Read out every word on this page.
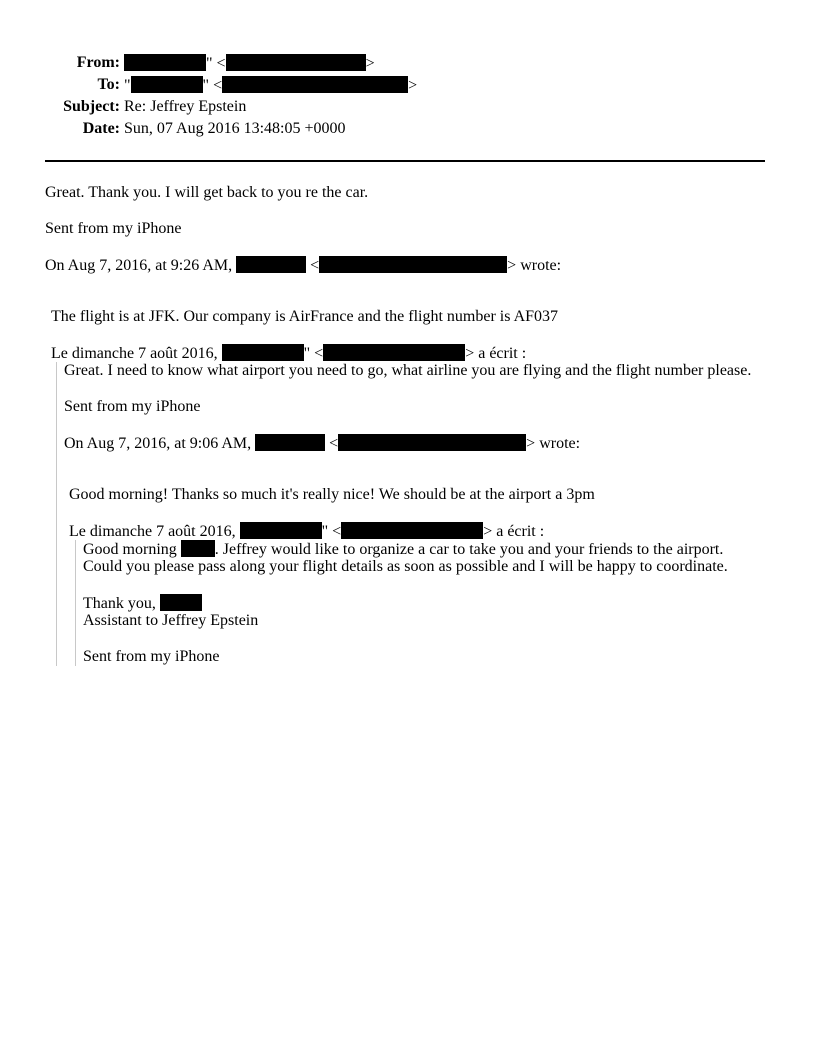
From:	" <	>
To: "	" <	>
Subject: Re: Jeffrey Epstein
Date: Sun, 07 Aug 2016 13:48:05 +0000
Great. Thank you. I will get back to you re the car.
Sent from my iPhone
On Aug 7, 2016, at 9:26 AM,	<	> wrote:
The flight is at JFK. Our company is AirFrance and the flight number is AF037
Le dimanche 7 août 2016,	" <	> a écrit :
Great. I need to know what airport you need to go, what airline you are flying and the flight number please.
Sent from my iPhone
On Aug 7, 2016, at 9:06 AM,	<	> wrote:
Good morning! Thanks so much it's really nice! We should be at the airport a 3pm
Le dimanche 7 août 2016,	" <	> a écrit :
Good morning . Jeffrey would like to organize a car to take you and your friends to the airport.
Could you please pass along your flight details as soon as possible and I will be happy to coordinate.
Thank you,
Assistant to Jeffrey Epstein
Sent from my iPhone
